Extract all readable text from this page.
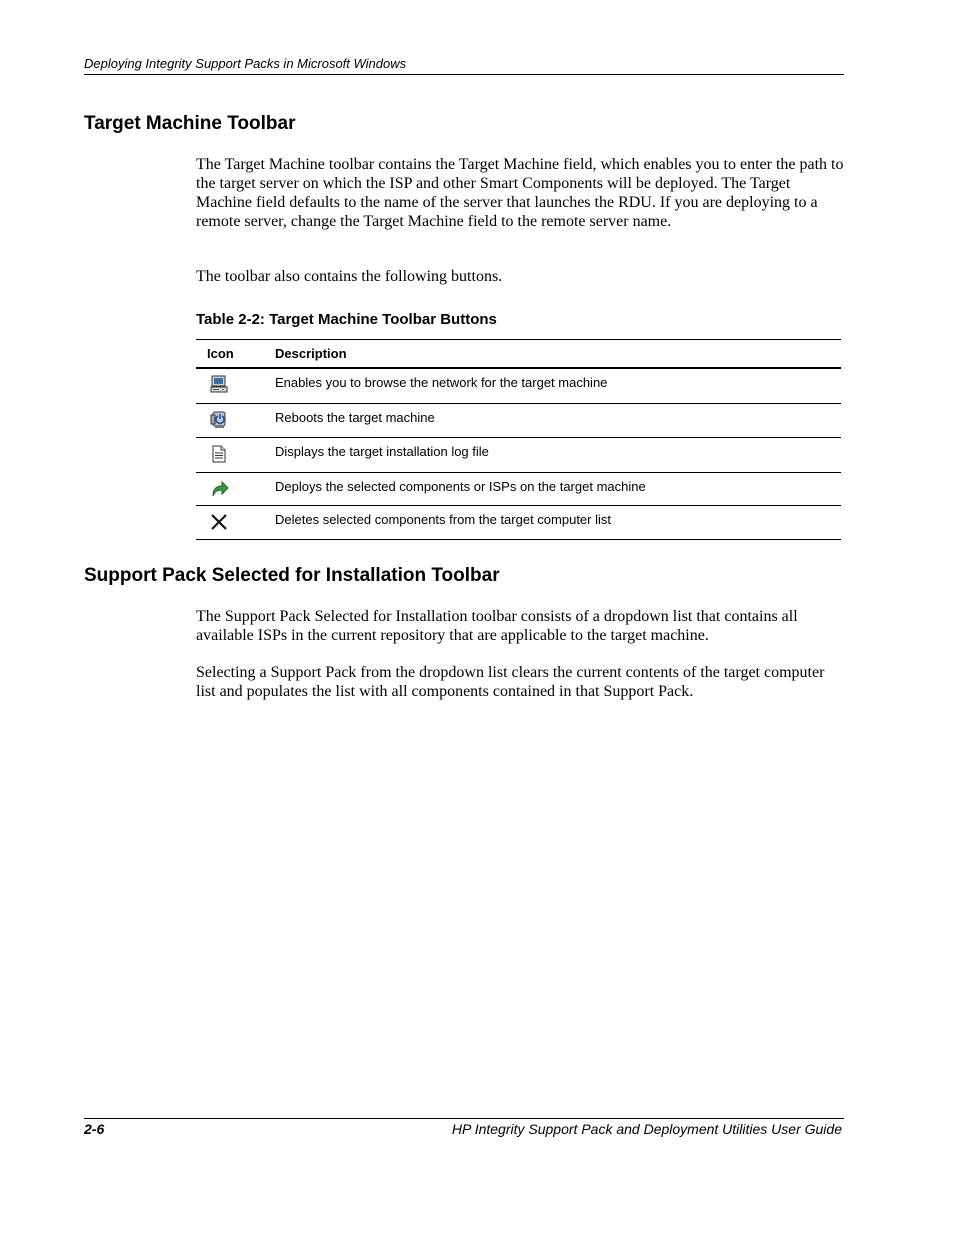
Deploying Integrity Support Packs in Microsoft Windows
Target Machine Toolbar

The Target Machine toolbar contains the Target Machine field, which enables you to enter the path to the target server on which the ISP and other Smart Components will be deployed. The Target Machine field defaults to the name of the server that launches the RDU. If you are deploying to a remote server, change the Target Machine field to the remote server name.

The toolbar also contains the following buttons.

Table 2-2: Target Machine Toolbar Buttons
Icon	Description

	Enables you to browse the network for the target machine

	Reboots the target machine

	Displays the target installation log file

	Deploys the selected components or ISPs on the target machine

	Deletes selected components from the target computer list
Support Pack Selected for Installation Toolbar

The Support Pack Selected for Installation toolbar consists of a dropdown list that contains all available ISPs in the current repository that are applicable to the target machine.

Selecting a Support Pack from the dropdown list clears the current contents of the target computer list and populates the list with all components contained in that Support Pack.

2-6	HP Integrity Support Pack and Deployment Utilities User Guide
